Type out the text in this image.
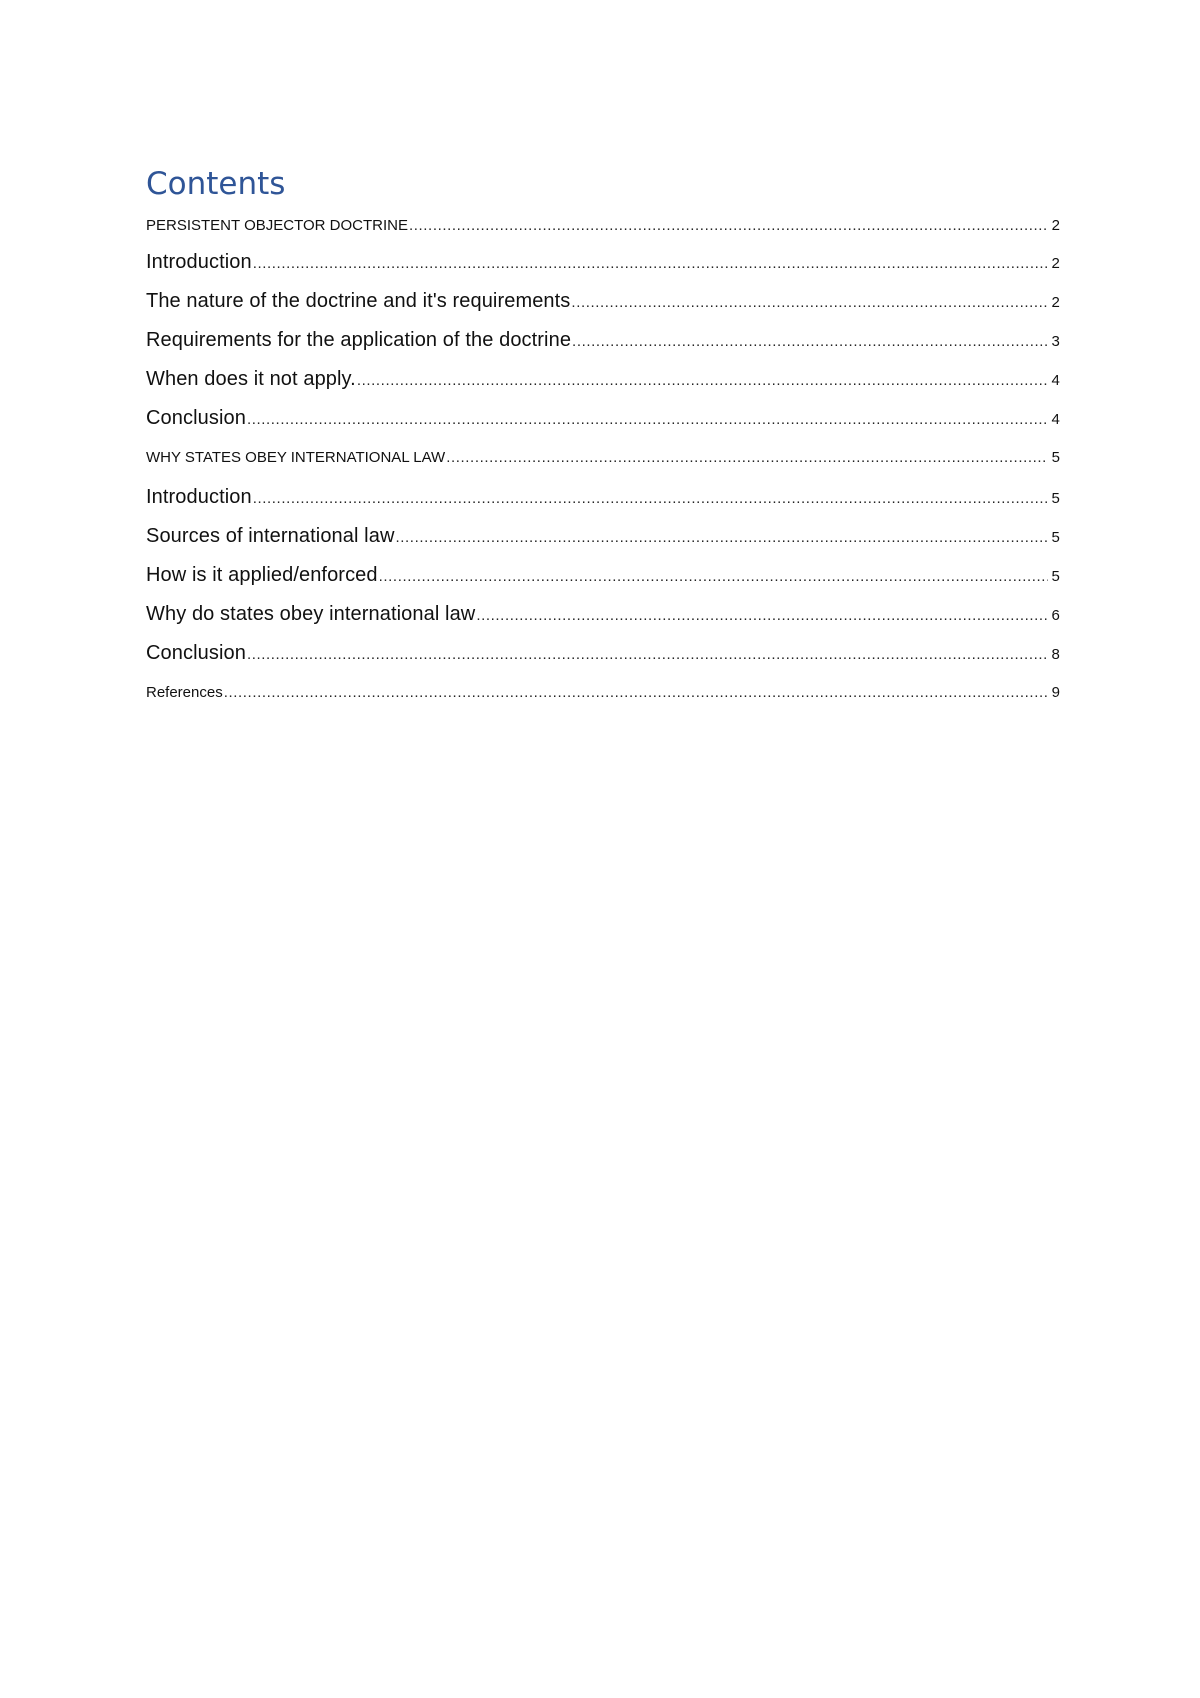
Contents
PERSISTENT OBJECTOR DOCTRINE .....	2
Introduction .....	2
The nature of the doctrine and it's requirements .....	2
Requirements for the application of the doctrine .....	3
When does it not apply. .....	4
Conclusion .....	4
WHY STATES OBEY INTERNATIONAL LAW .....	5
Introduction .....	5
Sources of international law .....	5
How is it applied/enforced .....	5
Why do states obey international law .....	6
Conclusion .....	8
References .....	9
